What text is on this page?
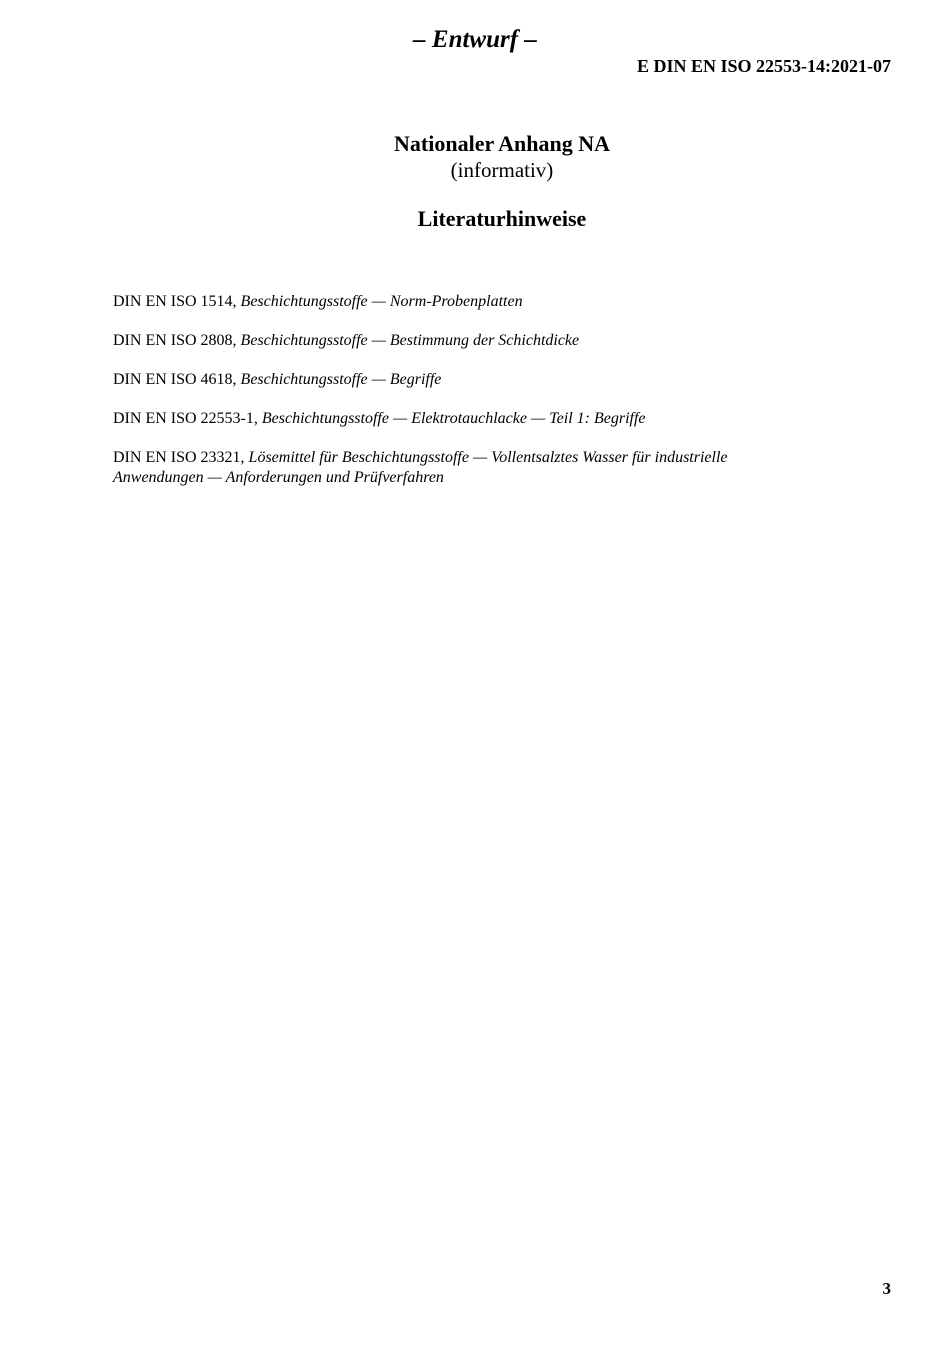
– Entwurf –
E DIN EN ISO 22553-14:2021-07
Nationaler Anhang NA
(informativ)
Literaturhinweise
DIN EN ISO 1514, Beschichtungsstoffe — Norm-Probenplatten
DIN EN ISO 2808, Beschichtungsstoffe — Bestimmung der Schichtdicke
DIN EN ISO 4618, Beschichtungsstoffe — Begriffe
DIN EN ISO 22553-1, Beschichtungsstoffe — Elektrotauchlacke — Teil 1: Begriffe
DIN EN ISO 23321, Lösemittel für Beschichtungsstoffe — Vollentsalztes Wasser für industrielle Anwendungen — Anforderungen und Prüfverfahren
3
